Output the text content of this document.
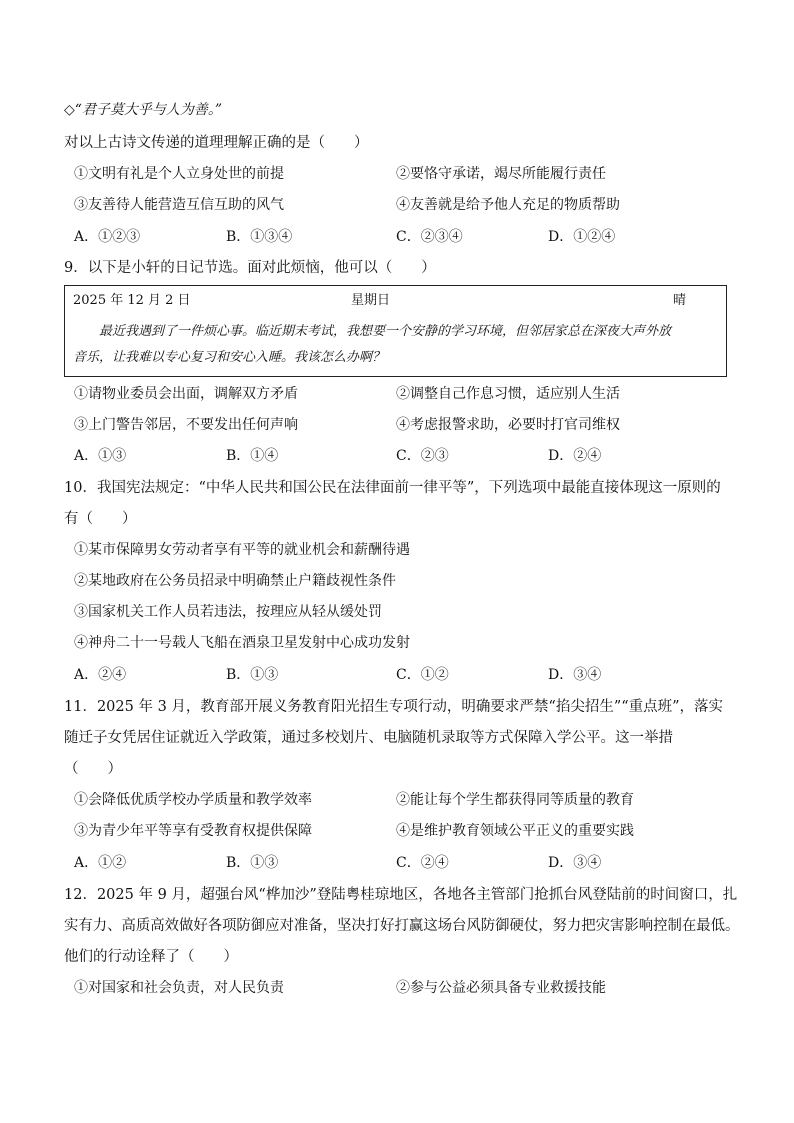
◇“君子莫大乎与人为善。”
对以上古诗文传递的道理理解正确的是（　　）
①文明有礼是个人立身处世的前提	②要恪守承诺，竭尽所能履行责任
③友善待人能营造互信互助的风气	④友善就是给予他人充足的物质帮助
A．①②③	B．①③④	C．②③④	D．①②④
9．以下是小轩的日记节选。面对此烦恼，他可以（　　）
2025 年 12 月 2 日	星期日	晴
最近我遇到了一件烦心事。临近期末考试，我想要一个安静的学习环境，但邻居家总在深夜大声外放
音乐，让我难以专心复习和安心入睡。我该怎么办啊？
①请物业委员会出面，调解双方矛盾	②调整自己作息习惯，适应别人生活
③上门警告邻居，不要发出任何声响	④考虑报警求助，必要时打官司维权
A．①③	B．①④	C．②③	D．②④
10．我国宪法规定：“中华人民共和国公民在法律面前一律平等”，下列选项中最能直接体现这一原则的
有（　　）
①某市保障男女劳动者享有平等的就业机会和薪酬待遇
②某地政府在公务员招录中明确禁止户籍歧视性条件
③国家机关工作人员若违法，按理应从轻从缓处罚
④神舟二十一号载人飞船在酒泉卫星发射中心成功发射
A．②④	B．①③	C．①②	D．③④
11．2025 年 3 月，教育部开展义务教育阳光招生专项行动，明确要求严禁“掐尖招生”“重点班”，落实
随迁子女凭居住证就近入学政策，通过多校划片、电脑随机录取等方式保障入学公平。这一举措
（　　）
①会降低优质学校办学质量和教学效率	②能让每个学生都获得同等质量的教育
③为青少年平等享有受教育权提供保障	④是维护教育领域公平正义的重要实践
A．①②	B．①③	C．②④	D．③④
12．2025 年 9 月，超强台风“桦加沙”登陆粤桂琼地区，各地各主管部门抢抓台风登陆前的时间窗口，扎
实有力、高质高效做好各项防御应对准备，坚决打好打赢这场台风防御硬仗，努力把灾害影响控制在最低。
他们的行动诠释了（　　）
①对国家和社会负责，对人民负责	②参与公益必须具备专业救援技能
